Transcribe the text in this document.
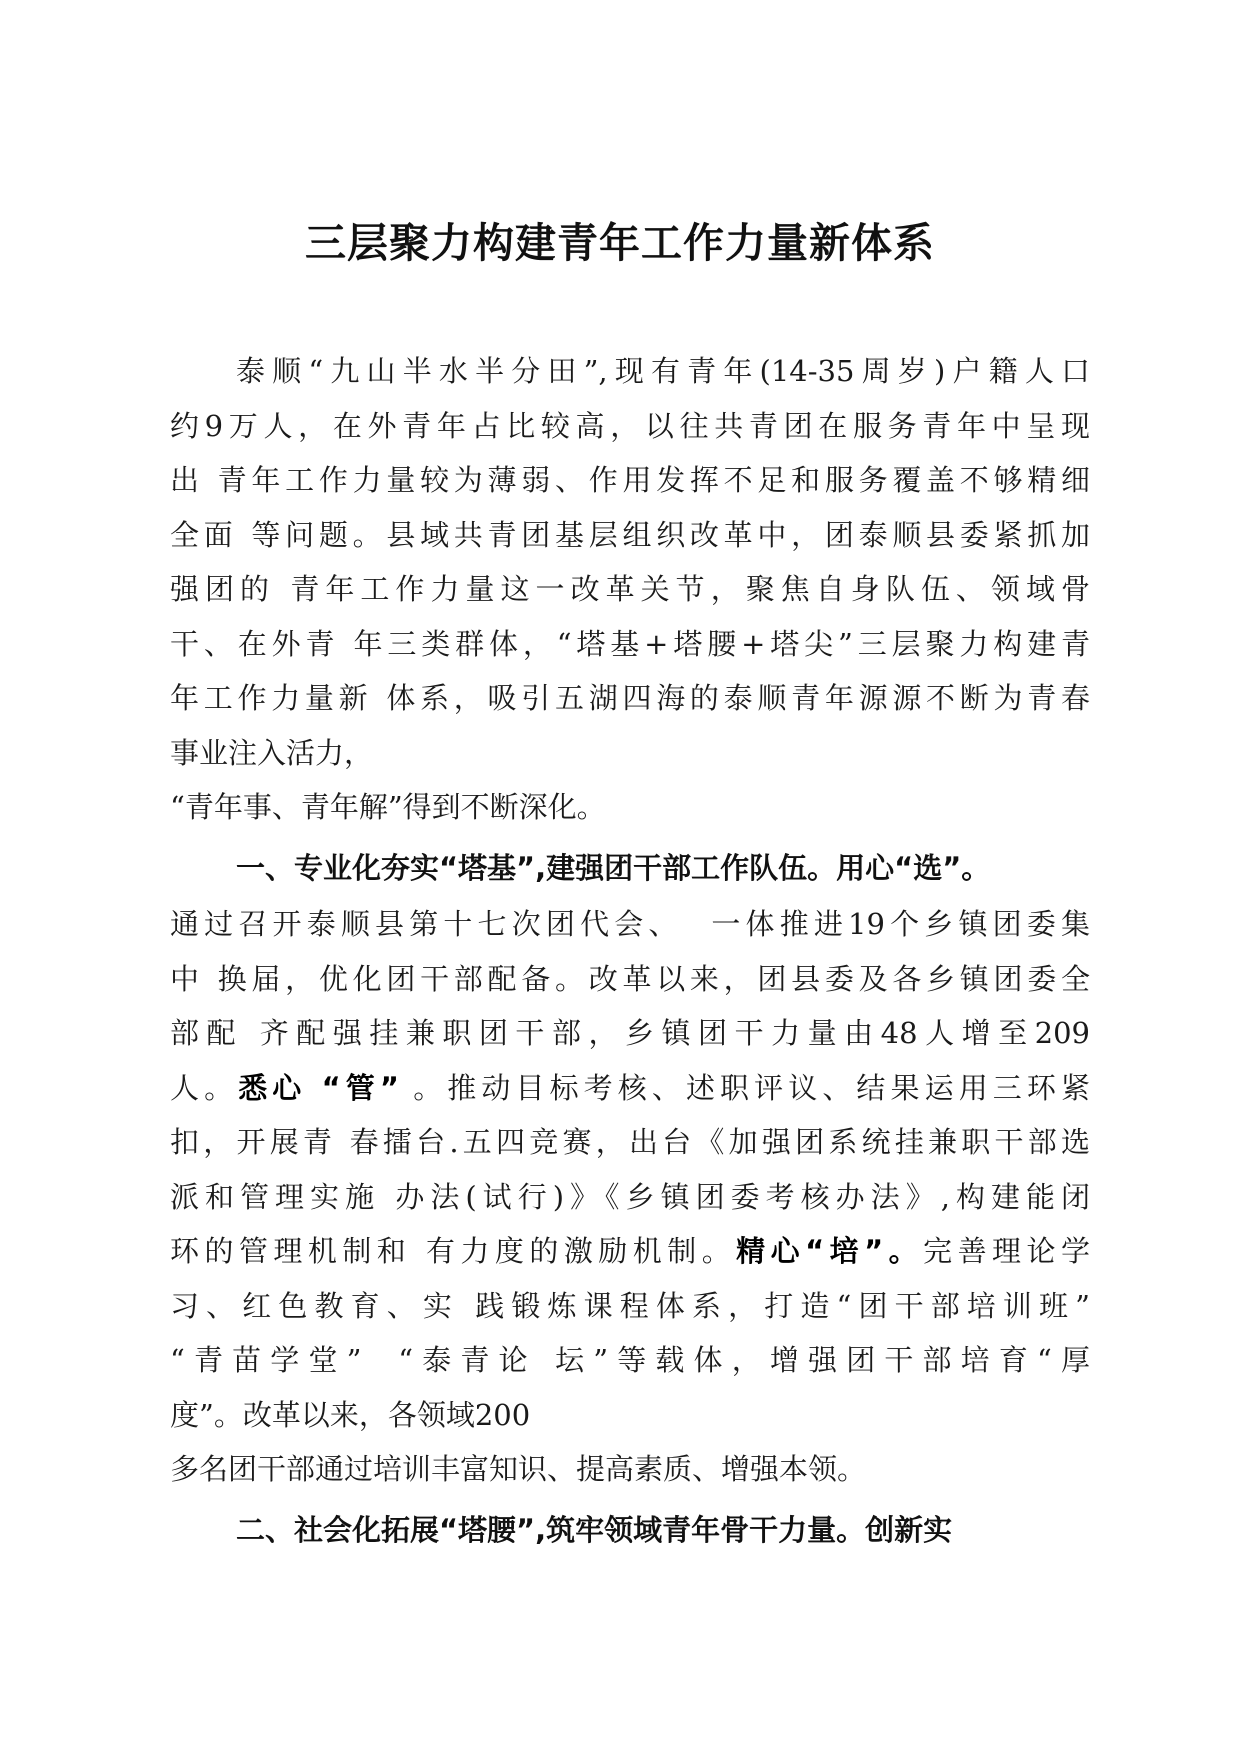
三层聚力构建青年工作力量新体系
泰顺“九山半水半分田”,现有青年(14-35周岁)户籍人口
约9万人，在外青年占比较高，以往共青团在服务青年中呈现
出 青年工作力量较为薄弱、作用发挥不足和服务覆盖不够精细
全面 等问题。县域共青团基层组织改革中，团泰顺县委紧抓加
强团的 青年工作力量这一改革关节，聚焦自身队伍、领域骨
干、在外青 年三类群体，“塔基+塔腰+塔尖”三层聚力构建青
年工作力量新 体系，吸引五湖四海的泰顺青年源源不断为青春
事业注入活力，
“青年事、青年解”得到不断深化。
一、专业化夯实“塔基”,建强团干部工作队伍。用心“选”。
通过召开泰顺县第十七次团代会、  一体推进19个乡镇团委集
中 换届，优化团干部配备。改革以来，团县委及各乡镇团委全
部配 齐配强挂兼职团干部，乡镇团干力量由48人增至209
人。悉心 “管” 。推动目标考核、述职评议、结果运用三环紧
扣，开展青 春擂台.五四竞赛，出台《加强团系统挂兼职干部选
派和管理实施 办法(试行)》《乡镇团委考核办法》,构建能闭
环的管理机制和 有力度的激励机制。精心“培”。完善理论学
习、红色教育、实 践锻炼课程体系，打造“团干部培训班”
“青苗学堂”  “泰青论 坛”等载体，增强团干部培育“厚
度”。改革以来，各领域200
多名团干部通过培训丰富知识、提高素质、增强本领。
二、社会化拓展“塔腰”,筑牢领域青年骨干力量。创新实
